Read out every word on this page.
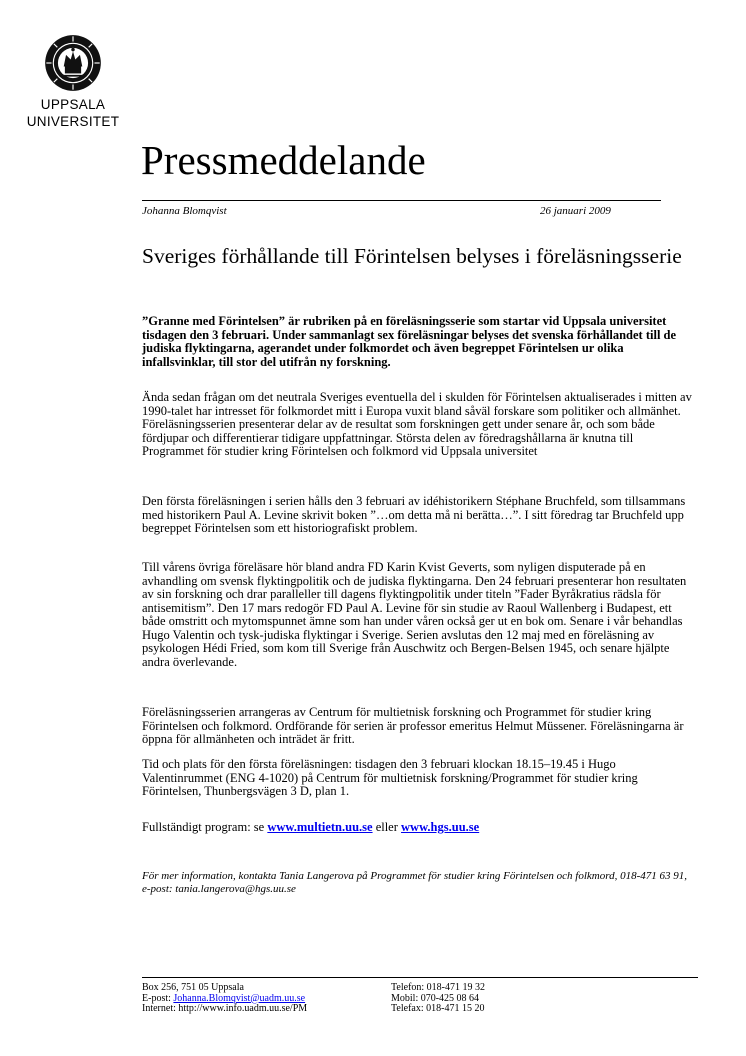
UPPSALA
UNIVERSITET
Pressmeddelande
Johanna Blomqvist	26 januari 2009
Sveriges förhållande till Förintelsen belyses i föreläsningsserie

”Granne med Förintelsen” är rubriken på en föreläsningsserie som startar vid Uppsala universitet tisdagen den 3 februari. Under sammanlagt sex föreläsningar belyses det svenska förhållandet till de judiska flyktingarna, agerandet under folkmordet och även begreppet Förintelsen ur olika infallsvinklar, till stor del utifrån ny forskning.

Ända sedan frågan om det neutrala Sveriges eventuella del i skulden för Förintelsen aktualiserades i mitten av 1990-talet har intresset för folkmordet mitt i Europa vuxit bland såväl forskare som politiker och allmänhet. Föreläsningsserien presenterar delar av de resultat som forskningen gett under senare år, och som både fördjupar och differentierar tidigare uppfattningar. Största delen av föredragshållarna är knutna till Programmet för studier kring Förintelsen och folkmord vid Uppsala universitet

Den första föreläsningen i serien hålls den 3 februari av idéhistorikern Stéphane Bruchfeld, som tillsammans med historikern Paul A. Levine skrivit boken ”…om detta må ni berätta…”. I sitt föredrag tar Bruchfeld upp begreppet Förintelsen som ett historiografiskt problem.

Till vårens övriga föreläsare hör bland andra FD Karin Kvist Geverts, som nyligen disputerade på en avhandling om svensk flyktingpolitik och de judiska flyktingarna. Den 24 februari presenterar hon resultaten av sin forskning och drar paralleller till dagens flyktingpolitik under titeln ”Fader Byråkratius rädsla för antisemitism”. Den 17 mars redogör FD Paul A. Levine för sin studie av Raoul Wallenberg i Budapest, ett både omstritt och mytomspunnet ämne som han under våren också ger ut en bok om. Senare i vår behandlas Hugo Valentin och tysk-judiska flyktingar i Sverige. Serien avslutas den 12 maj med en föreläsning av psykologen Hédi Fried, som kom till Sverige från Auschwitz och Bergen-Belsen 1945, och senare hjälpte andra överlevande.

Föreläsningsserien arrangeras av Centrum för multietnisk forskning och Programmet för studier kring Förintelsen och folkmord. Ordförande för serien är professor emeritus Helmut Müssener. Föreläsningarna är öppna för allmänheten och inträdet är fritt.

Tid och plats för den första föreläsningen: tisdagen den 3 februari klockan 18.15–19.45 i Hugo Valentinrummet (ENG 4-1020) på Centrum för multietnisk forskning/Programmet för studier kring Förintelsen, Thunbergsvägen 3 D, plan 1.

Fullständigt program: se www.multietn.uu.se eller www.hgs.uu.se

För mer information, kontakta Tania Langerova på Programmet för studier kring Förintelsen och folkmord, 018-471 63 91, e-post: tania.langerova@hgs.uu.se

Box 256, 751 05 Uppsala
E-post: Johanna.Blomqvist@uadm.uu.se
Internet: http://www.info.uadm.uu.se/PM
Telefon: 018-471 19 32
Mobil: 070-425 08 64
Telefax: 018-471 15 20
